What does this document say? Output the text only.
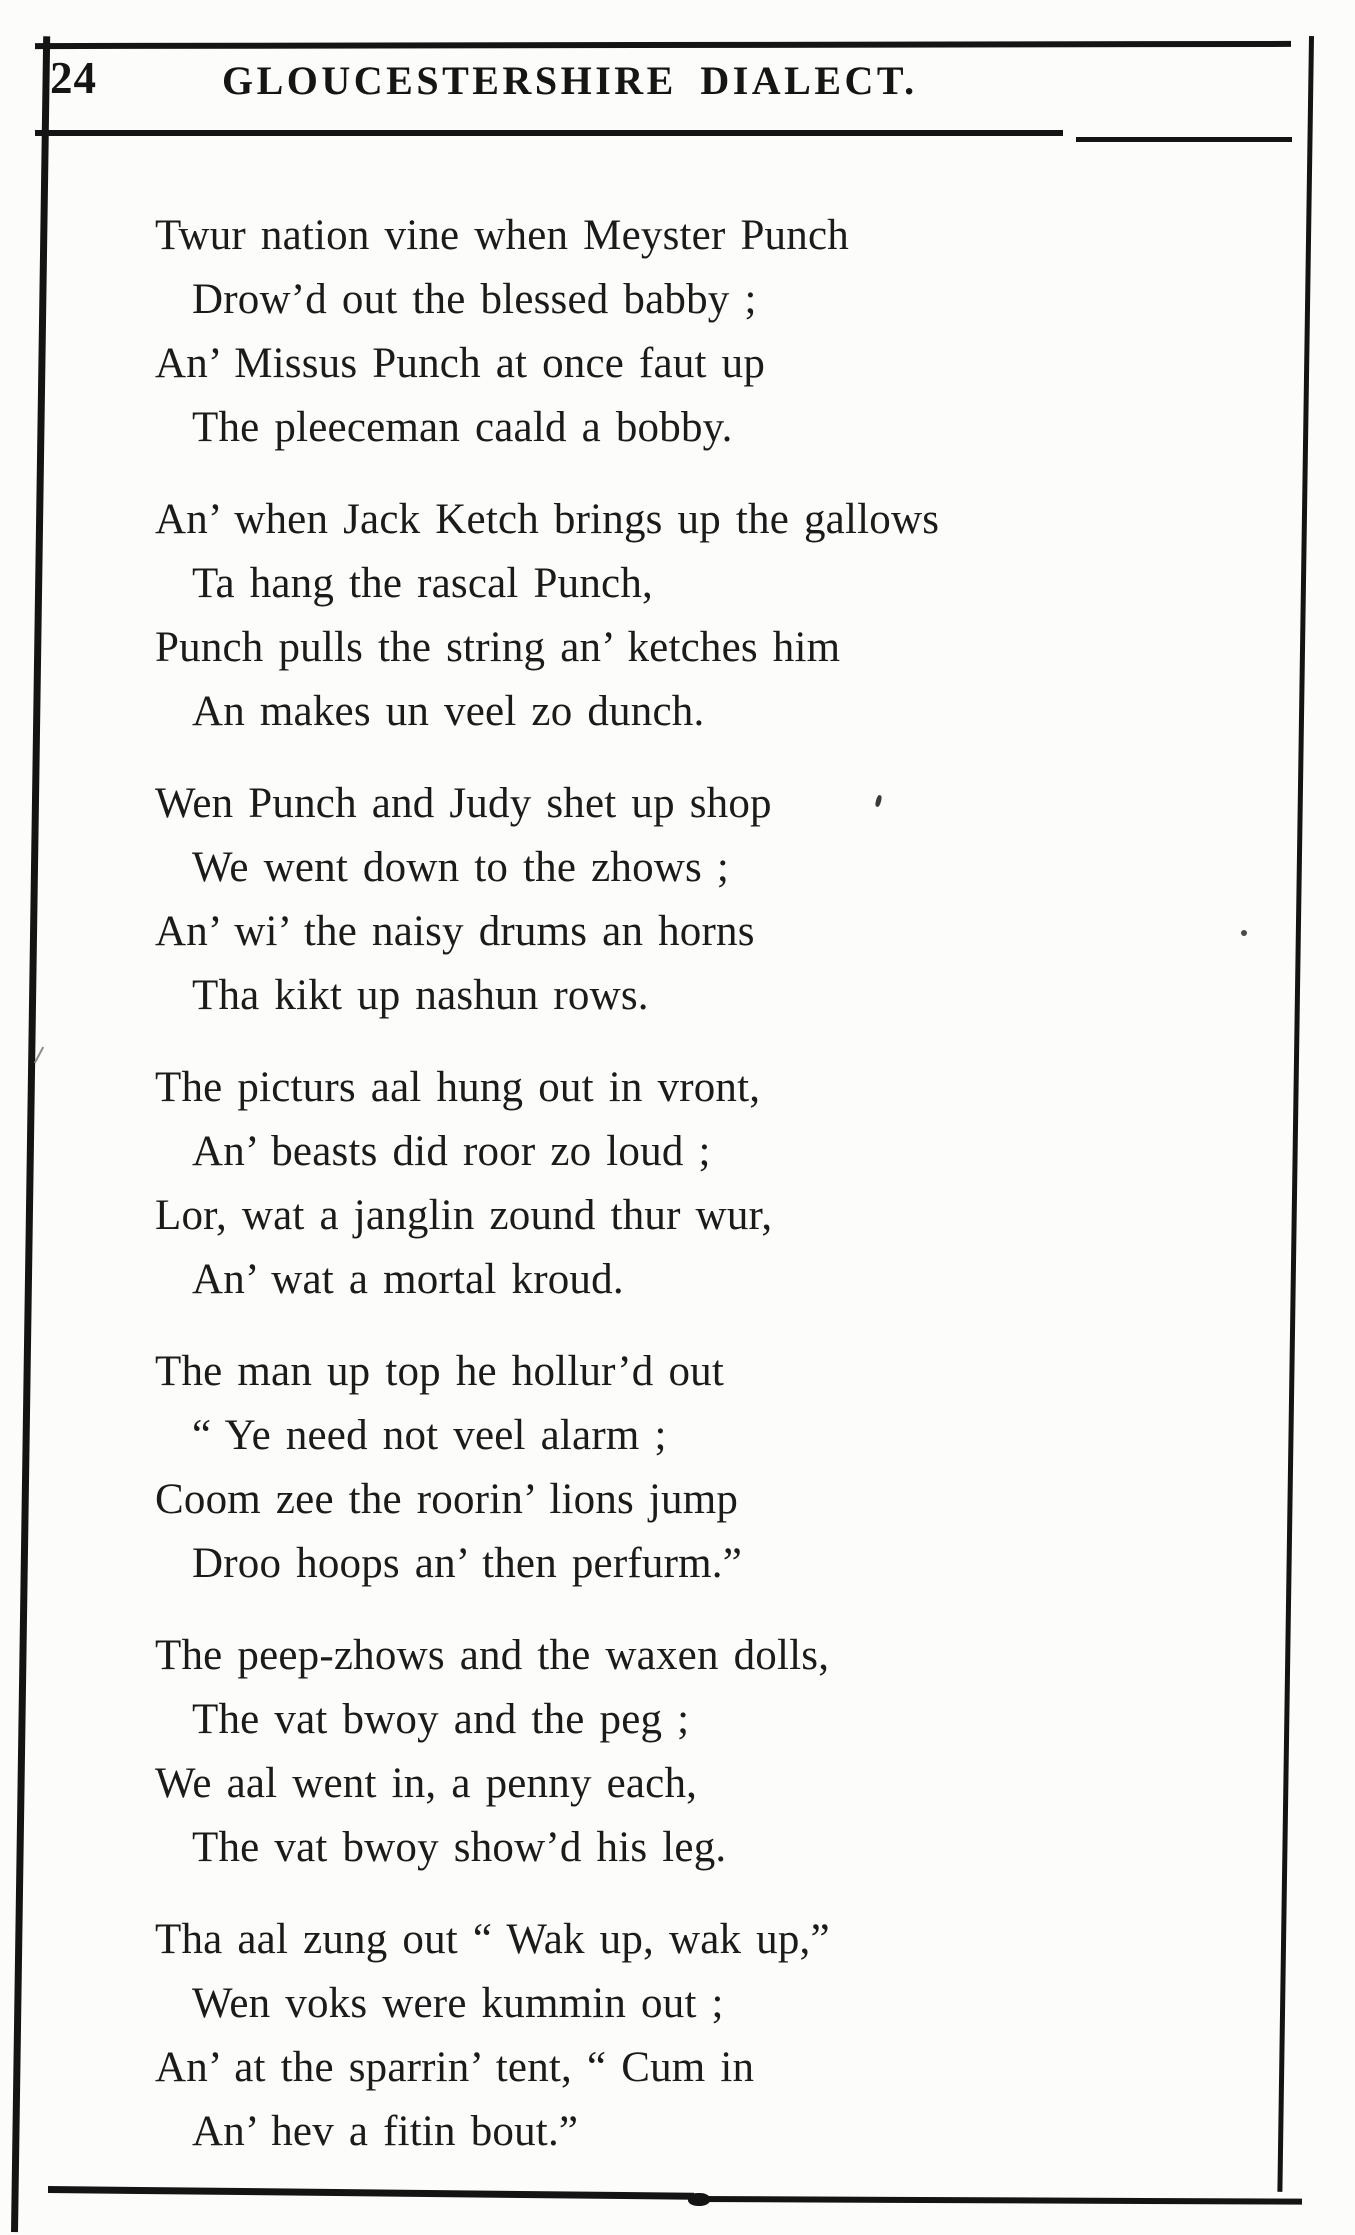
24	GLOUCESTERSHIRE DIALECT.
Twur nation vine when Meyster Punch
Drow’d out the blessed babby ;
An’ Missus Punch at once faut up
The pleeceman caald a bobby.
An’ when Jack Ketch brings up the gallows
Ta hang the rascal Punch,
Punch pulls the string an’ ketches him
An makes un veel zo dunch.
Wen Punch and Judy shet up shop
We went down to the zhows ;
An’ wi’ the naisy drums an horns
Tha kikt up nashun rows.
The picturs aal hung out in vront,
An’ beasts did roor zo loud ;
Lor, wat a janglin zound thur wur,
An’ wat a mortal kroud.
The man up top he hollur’d out
“ Ye need not veel alarm ;
Coom zee the roorin’ lions jump
Droo hoops an’ then perfurm.”
The peep-zhows and the waxen dolls,
The vat bwoy and the peg ;
We aal went in, a penny each,
The vat bwoy show’d his leg.
Tha aal zung out “ Wak up, wak up,”
Wen voks were kummin out ;
An’ at the sparrin’ tent, “ Cum in
An’ hev a fitin bout.”
